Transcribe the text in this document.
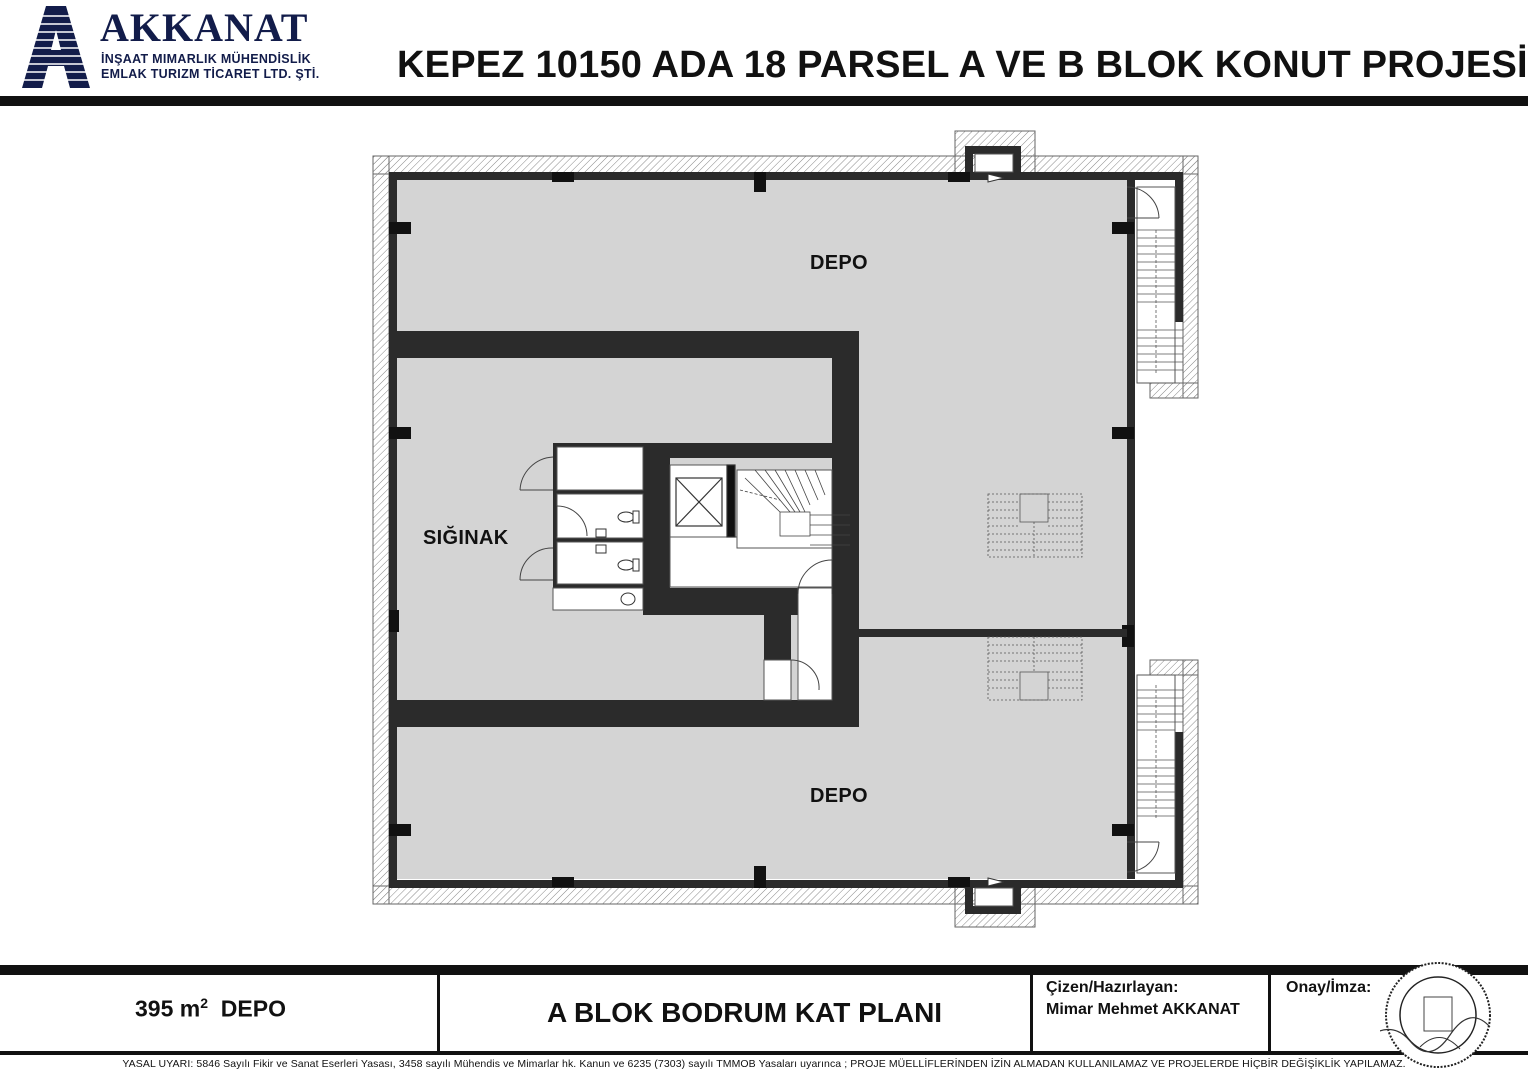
AKKANAT
İNŞAAT MIMARLIK MÜHENDİSLİK
EMLAK TURIZM TİCARET LTD. ŞTİ. KEPEZ 10150 ADA 18 PARSEL A VE B BLOK KONUT PROJESİ
DEPO
SIĞINAK
DEPO
395 $m^2$ DEPO	A BLOK BODRUM KAT PLANI
Çizen/Hazırlayan:
Mimar Mehmet AKKANAT
Onay/İmza:
YASAL UYARI: 5846 Sayılı Fikir ve Sanat Eserleri Yasası, 3458 sayılı Mühendis ve Mimarlar hk. Kanun ve 6235 (7303) sayılı TMMOB Yasaları uyarınca ; PROJE MÜELLİFLERİNDEN İZİN ALMADAN KULLANILAMAZ VE PROJELERDE HİÇBİR DEĞİŞİKLİK YAPILAMAZ.
